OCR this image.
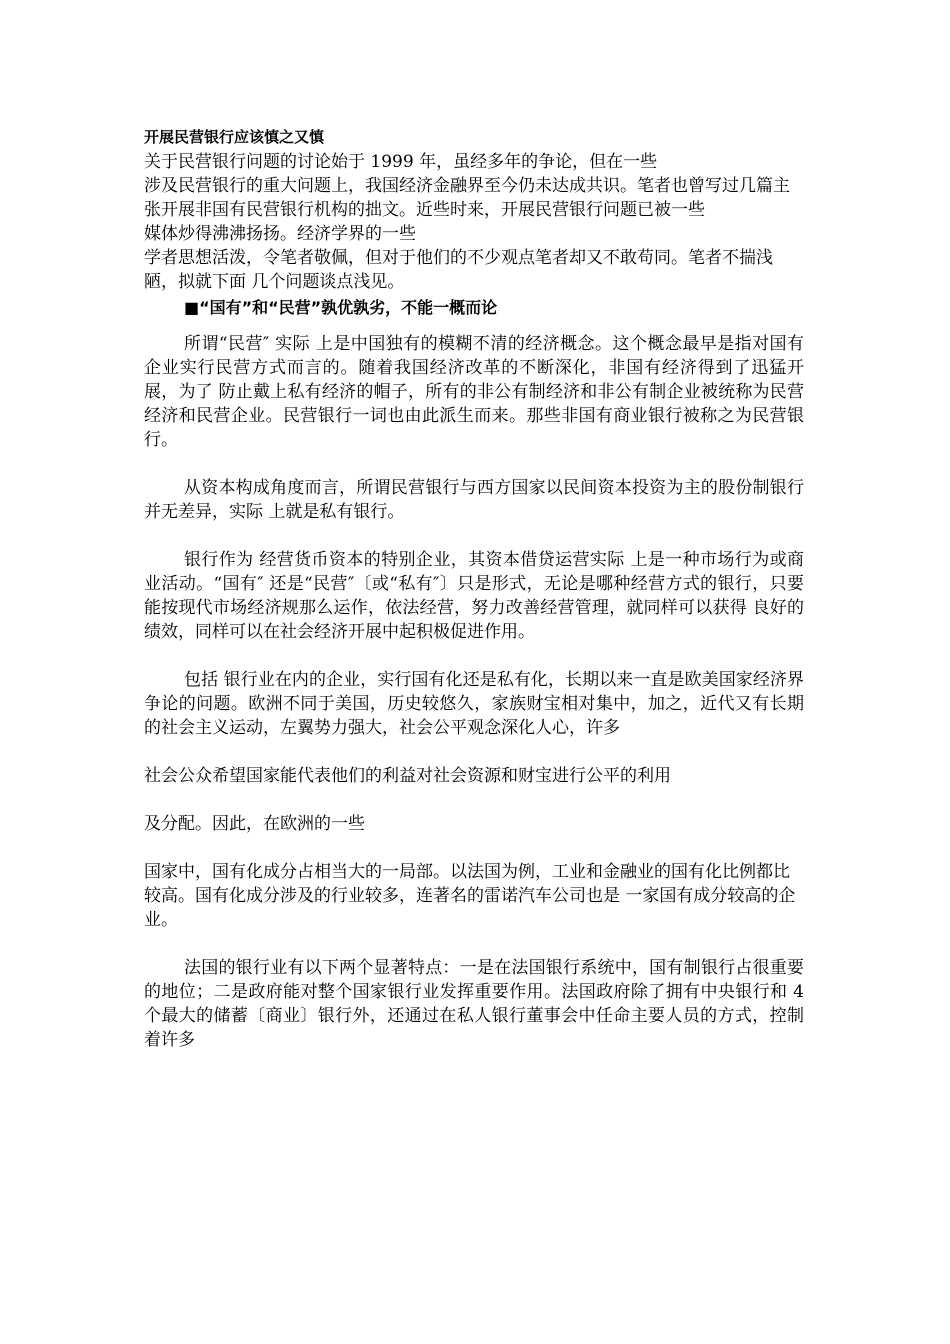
开展民营银行应该慎之又慎

关于民营银行问题的讨论始于 1999 年，虽经多年的争论，但在一些

涉及民营银行的重大问题上，我国经济金融界至今仍未达成共识。笔者也曾写过几篇主张开展非国有民营银行机构的拙文。近些时来，开展民营银行问题已被一些

媒体炒得沸沸扬扬。经济学界的一些

学者思想活泼，令笔者敬佩，但对于他们的不少观点笔者却又不敢苟同。笔者不揣浅陋，拟就下面 几个问题谈点浅见。

■“国有”和“民营”孰优孰劣，不能一概而论

所谓“民营″ 实际 上是中国独有的模糊不清的经济概念。这个概念最早是指对国有企业实行民营方式而言的。随着我国经济改革的不断深化，非国有经济得到了迅猛开展，为了 防止戴上私有经济的帽子，所有的非公有制经济和非公有制企业被统称为民营经济和民营企业。民营银行一词也由此派生而来。那些非国有商业银行被称之为民营银行。

从资本构成角度而言，所谓民营银行与西方国家以民间资本投资为主的股份制银行并无差异，实际 上就是私有银行。

银行作为 经营货币资本的特别企业，其资本借贷运营实际 上是一种市场行为或商业活动。“国有″ 还是“民营″〔或“私有″〕只是形式，无论是哪种经营方式的银行，只要能按现代市场经济规那么运作，依法经营，努力改善经营管理，就同样可以获得 良好的绩效，同样可以在社会经济开展中起积极促进作用。

包括 银行业在内的企业，实行国有化还是私有化，长期以来一直是欧美国家经济界争论的问题。欧洲不同于美国，历史较悠久，家族财宝相对集中，加之，近代又有长期的社会主义运动，左翼势力强大，社会公平观念深化人心，许多

社会公众希望国家能代表他们的利益对社会资源和财宝进行公平的利用

及分配。因此，在欧洲的一些

国家中，国有化成分占相当大的一局部。以法国为例，工业和金融业的国有化比例都比较高。国有化成分涉及的行业较多，连著名的雷诺汽车公司也是 一家国有成分较高的企业。

法国的银行业有以下两个显著特点：一是在法国银行系统中，国有制银行占很重要的地位；二是政府能对整个国家银行业发挥重要作用。法国政府除了拥有中央银行和 4 个最大的储蓄〔商业〕银行外，还通过在私人银行董事会中任命主要人员的方式，控制着许多
